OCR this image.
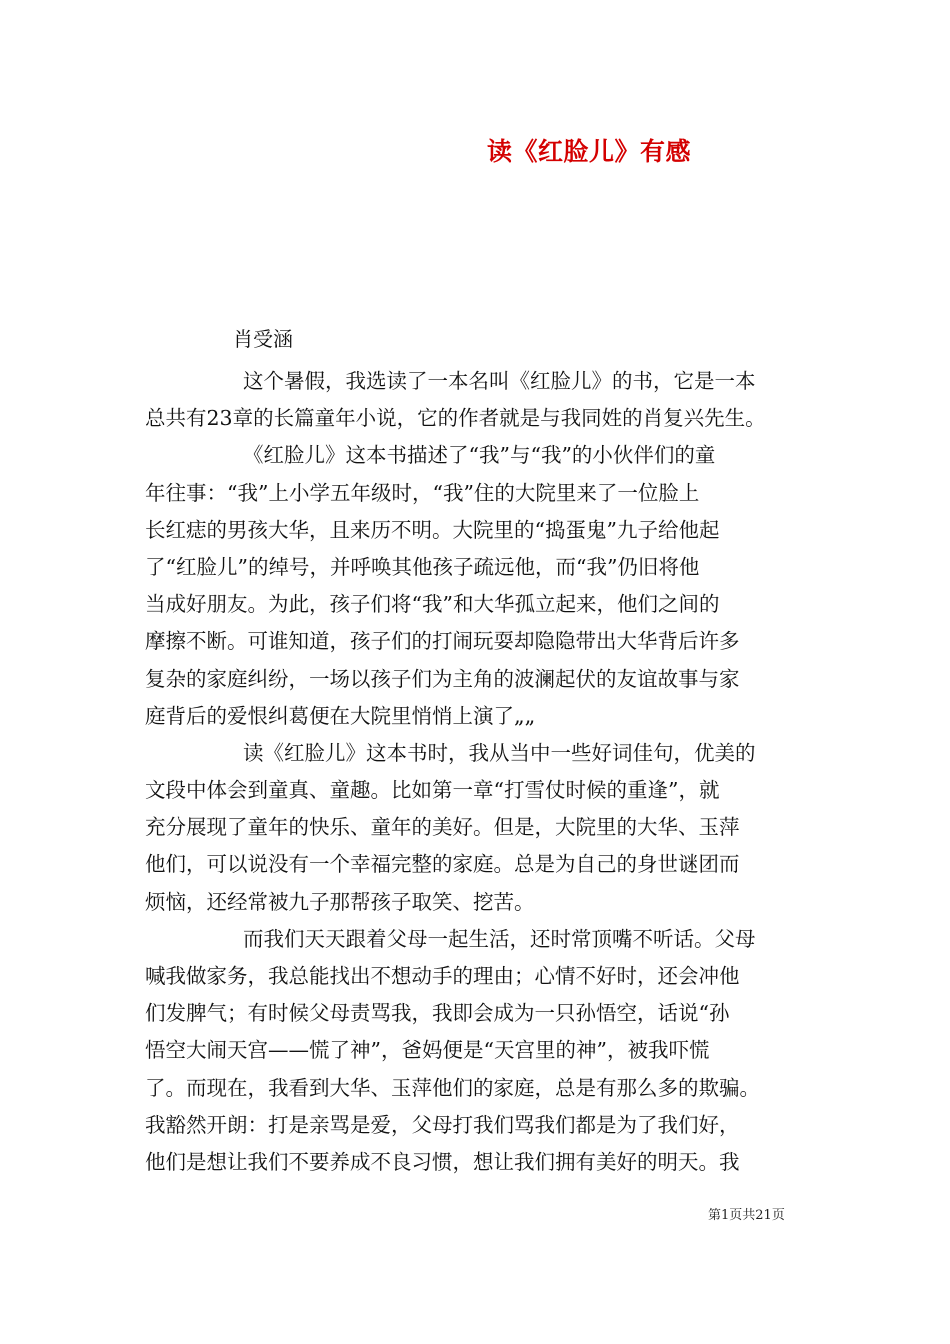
读《红脸儿》有感
肖受涵
这个暑假，我选读了一本名叫《红脸儿》的书，它是一本
总共有23章的长篇童年小说，它的作者就是与我同姓的肖复兴先生。
《红脸儿》这本书描述了“我”与“我”的小伙伴们的童
年往事：“我”上小学五年级时，“我”住的大院里来了一位脸上
长红痣的男孩大华，且来历不明。大院里的“捣蛋鬼”九子给他起
了“红脸儿”的绰号，并呼唤其他孩子疏远他，而“我”仍旧将他
当成好朋友。为此，孩子们将“我”和大华孤立起来，他们之间的
摩擦不断。可谁知道，孩子们的打闹玩耍却隐隐带出大华背后许多
复杂的家庭纠纷，一场以孩子们为主角的波澜起伏的友谊故事与家
庭背后的爱恨纠葛便在大院里悄悄上演了„„
读《红脸儿》这本书时，我从当中一些好词佳句，优美的
文段中体会到童真、童趣。比如第一章“打雪仗时候的重逢”，就
充分展现了童年的快乐、童年的美好。但是，大院里的大华、玉萍
他们，可以说没有一个幸福完整的家庭。总是为自己的身世谜团而
烦恼，还经常被九子那帮孩子取笑、挖苦。
而我们天天跟着父母一起生活，还时常顶嘴不听话。父母
喊我做家务，我总能找出不想动手的理由；心情不好时，还会冲他
们发脾气；有时候父母责骂我，我即会成为一只孙悟空，话说“孙
悟空大闹天宫——慌了神”，爸妈便是“天宫里的神”，被我吓慌
了。而现在，我看到大华、玉萍他们的家庭，总是有那么多的欺骗。
我豁然开朗：打是亲骂是爱，父母打我们骂我们都是为了我们好，
他们是想让我们不要养成不良习惯，想让我们拥有美好的明天。我
第1页共21页
